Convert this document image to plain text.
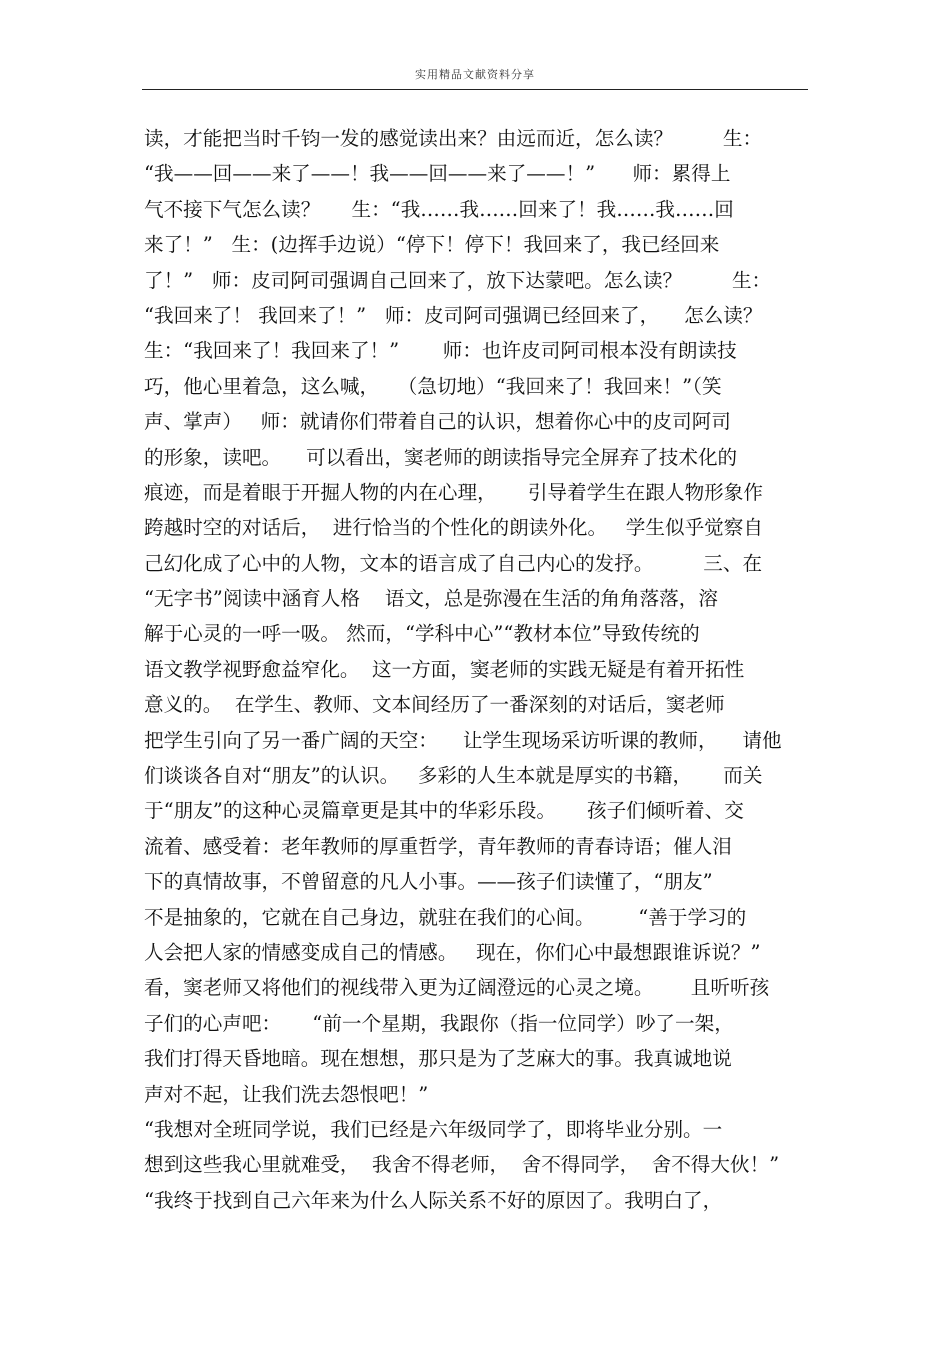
实用精品文献资料分享
读，才能把当时千钧一发的感觉读出来？由远而近，怎么读？        生：
“我——回——来了——！我——回——来了——！”      师：累得上
气不接下气怎么读？     生：“我……我……回来了！我……我……回
来了！”   生：(边挥手边说）“停下！停下！我回来了，我已经回来
了！”   师：皮司阿司强调自己回来了，放下达蒙吧。怎么读？        生：
“我回来了！ 我回来了！”   师：皮司阿司强调已经回来了，    怎么读？
生：“我回来了！我回来了！”       师：也许皮司阿司根本没有朗读技
巧，他心里着急，这么喊，   （急切地）“我回来了！我回来！”（笑
声、掌声）   师：就请你们带着自己的认识，想着你心中的皮司阿司
的形象，读吧。    可以看出，窦老师的朗读指导完全屏弃了技术化的
痕迹，而是着眼于开掘人物的内在心理，     引导着学生在跟人物形象作
跨越时空的对话后，  进行恰当的个性化的朗读外化。   学生似乎觉察自
己幻化成了心中的人物，文本的语言成了自己内心的发抒。        三、在
“无字书”阅读中涵育人格    语文，总是弥漫在生活的角角落落，溶
解于心灵的一呼一吸。 然而，“学科中心”“教材本位”导致传统的
语文教学视野愈益窄化。  这一方面，窦老师的实践无疑是有着开拓性
意义的。  在学生、教师、文本间经历了一番深刻的对话后，窦老师
把学生引向了另一番广阔的天空：    让学生现场采访听课的教师，    请他
们谈谈各自对“朋友”的认识。   多彩的人生本就是厚实的书籍，     而关
于“朋友”的这种心灵篇章更是其中的华彩乐段。     孩子们倾听着、交
流着、感受着：老年教师的厚重哲学，青年教师的青春诗语；催人泪
下的真情故事，不曾留意的凡人小事。——孩子们读懂了，“朋友”
不是抽象的，它就在自己身边，就驻在我们的心间。       “善于学习的
人会把人家的情感变成自己的情感。   现在，你们心中最想跟谁诉说？”
看，窦老师又将他们的视线带入更为辽阔澄远的心灵之境。      且听听孩
子们的心声吧：     “前一个星期，我跟你（指一位同学）吵了一架，
我们打得天昏地暗。现在想想，那只是为了芝麻大的事。我真诚地说
声对不起，让我们洗去怨恨吧！”
“我想对全班同学说，我们已经是六年级同学了，即将毕业分别。一
想到这些我心里就难受，  我舍不得老师，  舍不得同学，  舍不得大伙！”
“我终于找到自己六年来为什么人际关系不好的原因了。我明白了，
